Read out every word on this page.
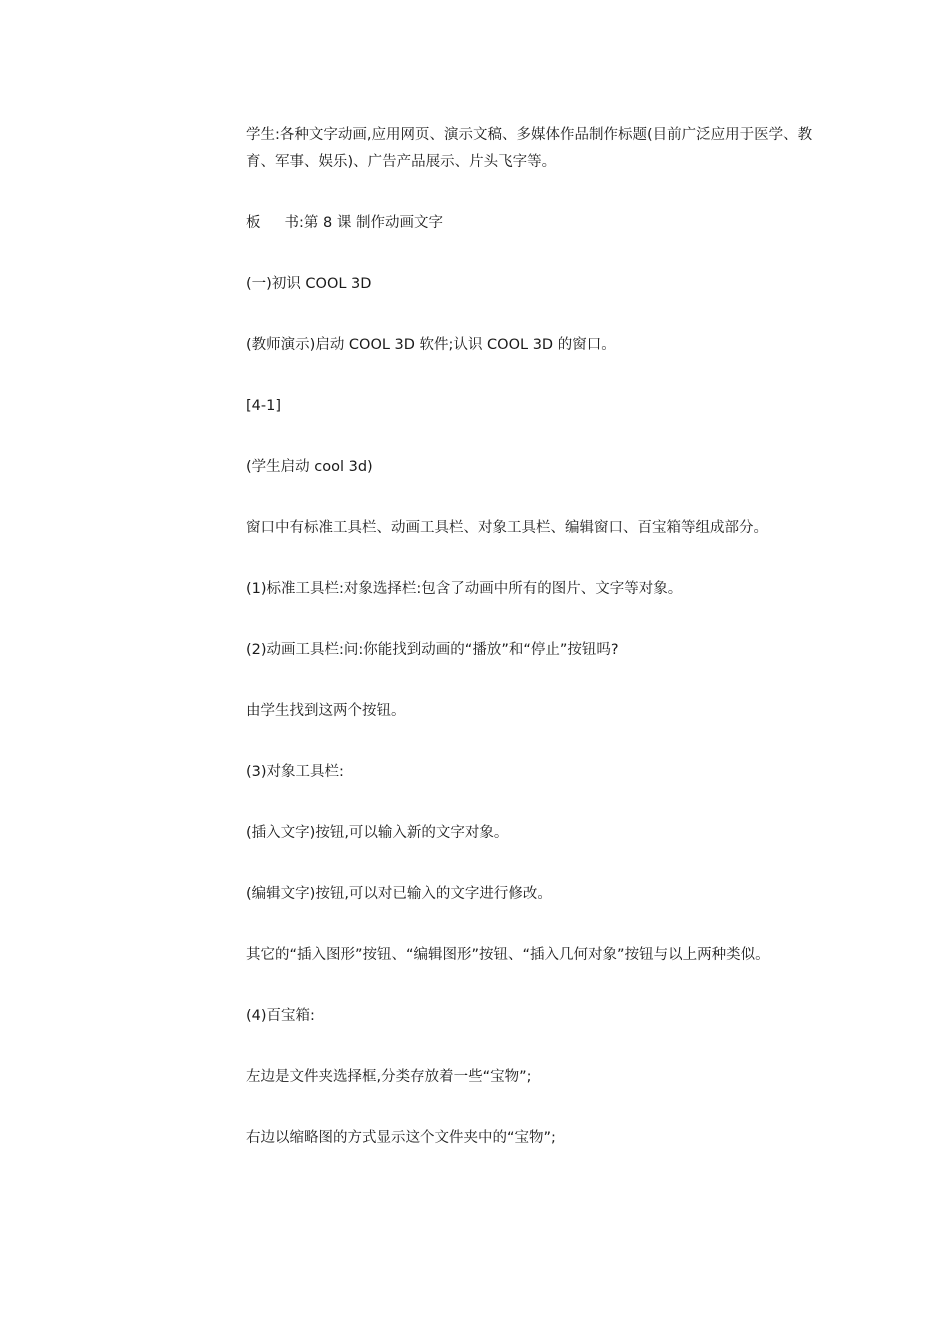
学生:各种文字动画,应用网页、演示文稿、多媒体作品制作标题(目前广泛应用于医学、教育、军事、娱乐)、广告产品展示、片头飞字等。

板 书:第 8 课 制作动画文字

(一)初识 COOL 3D

(教师演示)启动 COOL 3D 软件;认识 COOL 3D 的窗口。

[4-1]

(学生启动 cool 3d)

窗口中有标准工具栏、动画工具栏、对象工具栏、编辑窗口、百宝箱等组成部分。

(1)标准工具栏:对象选择栏:包含了动画中所有的图片、文字等对象。

(2)动画工具栏:问:你能找到动画的“播放”和“停止”按钮吗?

由学生找到这两个按钮。

(3)对象工具栏:

(插入文字)按钮,可以输入新的文字对象。

(编辑文字)按钮,可以对已输入的文字进行修改。

其它的“插入图形”按钮、“编辑图形”按钮、“插入几何对象”按钮与以上两种类似。

(4)百宝箱:

左边是文件夹选择框,分类存放着一些“宝物”;

右边以缩略图的方式显示这个文件夹中的“宝物”;
